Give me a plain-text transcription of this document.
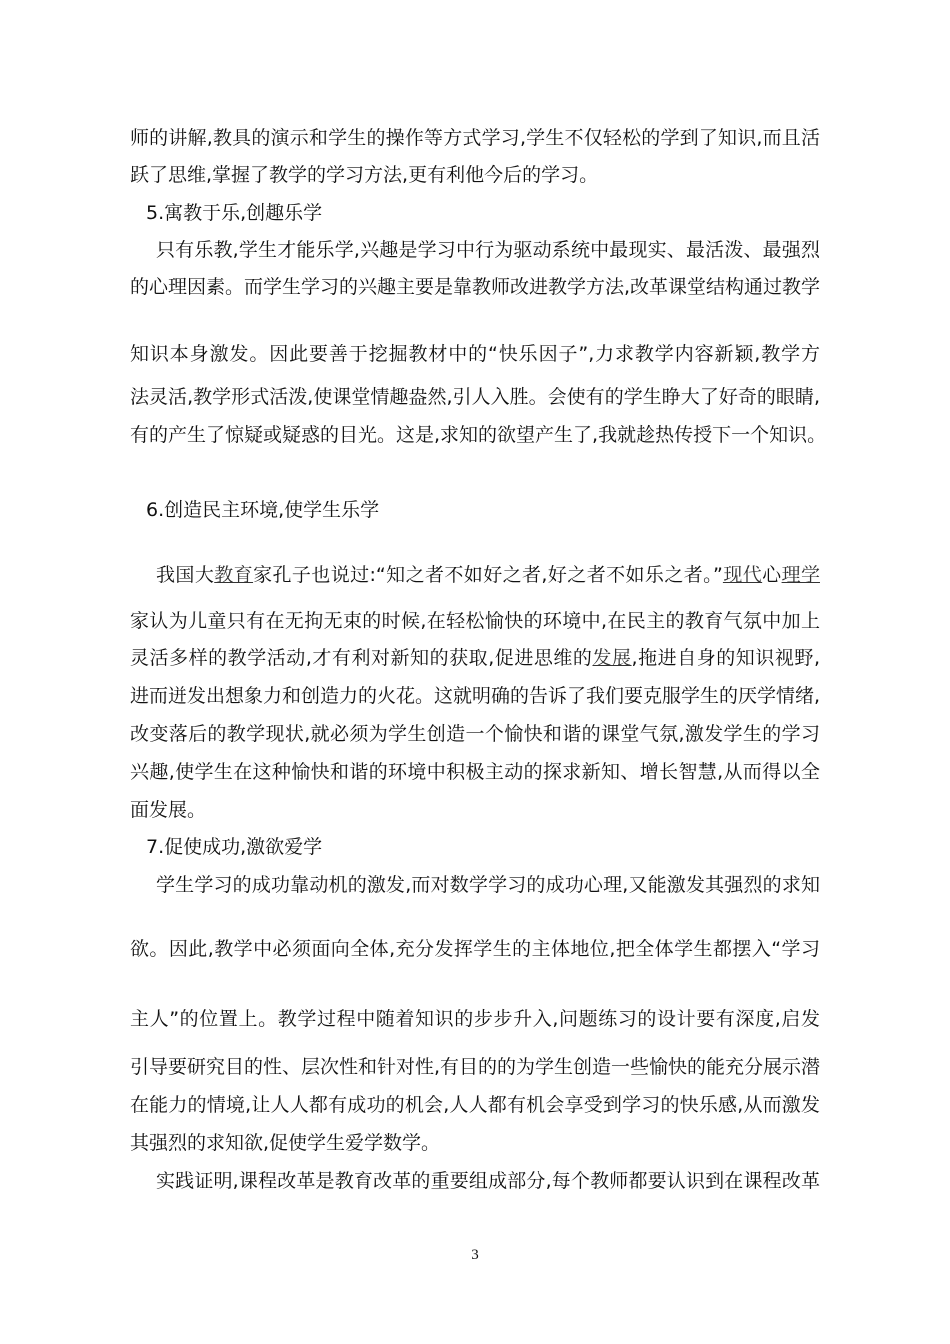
师的讲解,教具的演示和学生的操作等方式学习,学生不仅轻松的学到了知识,而且活
跃了思维,掌握了教学的学习方法,更有利他今后的学习。
5.寓教于乐,创趣乐学
只有乐教,学生才能乐学,兴趣是学习中行为驱动系统中最现实、最活泼、最强烈
的心理因素。而学生学习的兴趣主要是靠教师改进教学方法,改革课堂结构通过教学
知识本身激发。因此要善于挖掘教材中的“快乐因子”,力求教学内容新颖,教学方
法灵活,教学形式活泼,使课堂情趣盎然,引人入胜。会使有的学生睁大了好奇的眼睛,
有的产生了惊疑或疑惑的目光。这是,求知的欲望产生了,我就趁热传授下一个知识。
6.创造民主环境,使学生乐学
我国大教育家孔子也说过:“知之者不如好之者,好之者不如乐之者。”现代心理学
家认为儿童只有在无拘无束的时候,在轻松愉快的环境中,在民主的教育气氛中加上
灵活多样的教学活动,才有利对新知的获取,促进思维的发展,拖进自身的知识视野,
进而迸发出想象力和创造力的火花。这就明确的告诉了我们要克服学生的厌学情绪,
改变落后的教学现状,就必须为学生创造一个愉快和谐的课堂气氛,激发学生的学习
兴趣,使学生在这种愉快和谐的环境中积极主动的探求新知、增长智慧,从而得以全
面发展。
7.促使成功,激欲爱学
学生学习的成功靠动机的激发,而对数学学习的成功心理,又能激发其强烈的求知
欲。因此,教学中必须面向全体,充分发挥学生的主体地位,把全体学生都摆入“学习
主人”的位置上。教学过程中随着知识的步步升入,问题练习的设计要有深度,启发
引导要研究目的性、层次性和针对性,有目的的为学生创造一些愉快的能充分展示潜
在能力的情境,让人人都有成功的机会,人人都有机会享受到学习的快乐感,从而激发
其强烈的求知欲,促使学生爱学数学。
实践证明,课程改革是教育改革的重要组成部分,每个教师都要认识到在课程改革
3
